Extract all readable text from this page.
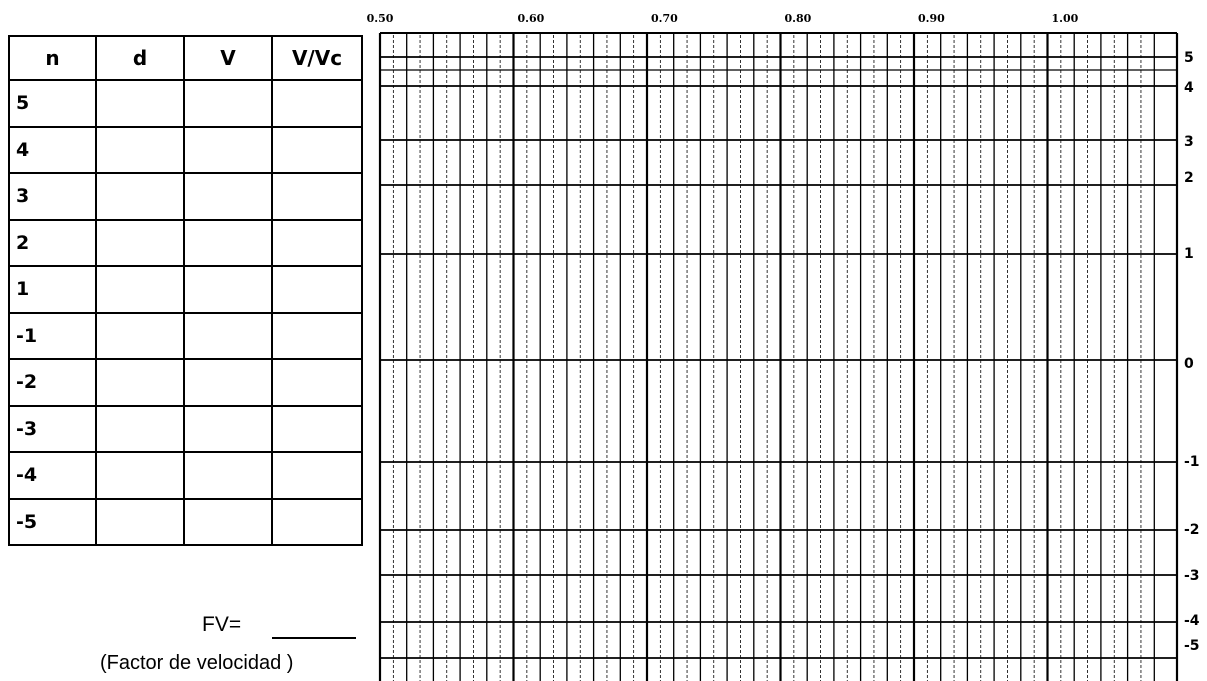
n	d	V	V/Vc
5			
4			
3			
2			
1			
-1			
-2			
-3			
-4			
-5			
FV=
(Factor de velocidad )
0.50	0.60	0.70	0.80	0.90	1.00
5
4
3
2
1
0
-1
-2
-3
-4
-5
